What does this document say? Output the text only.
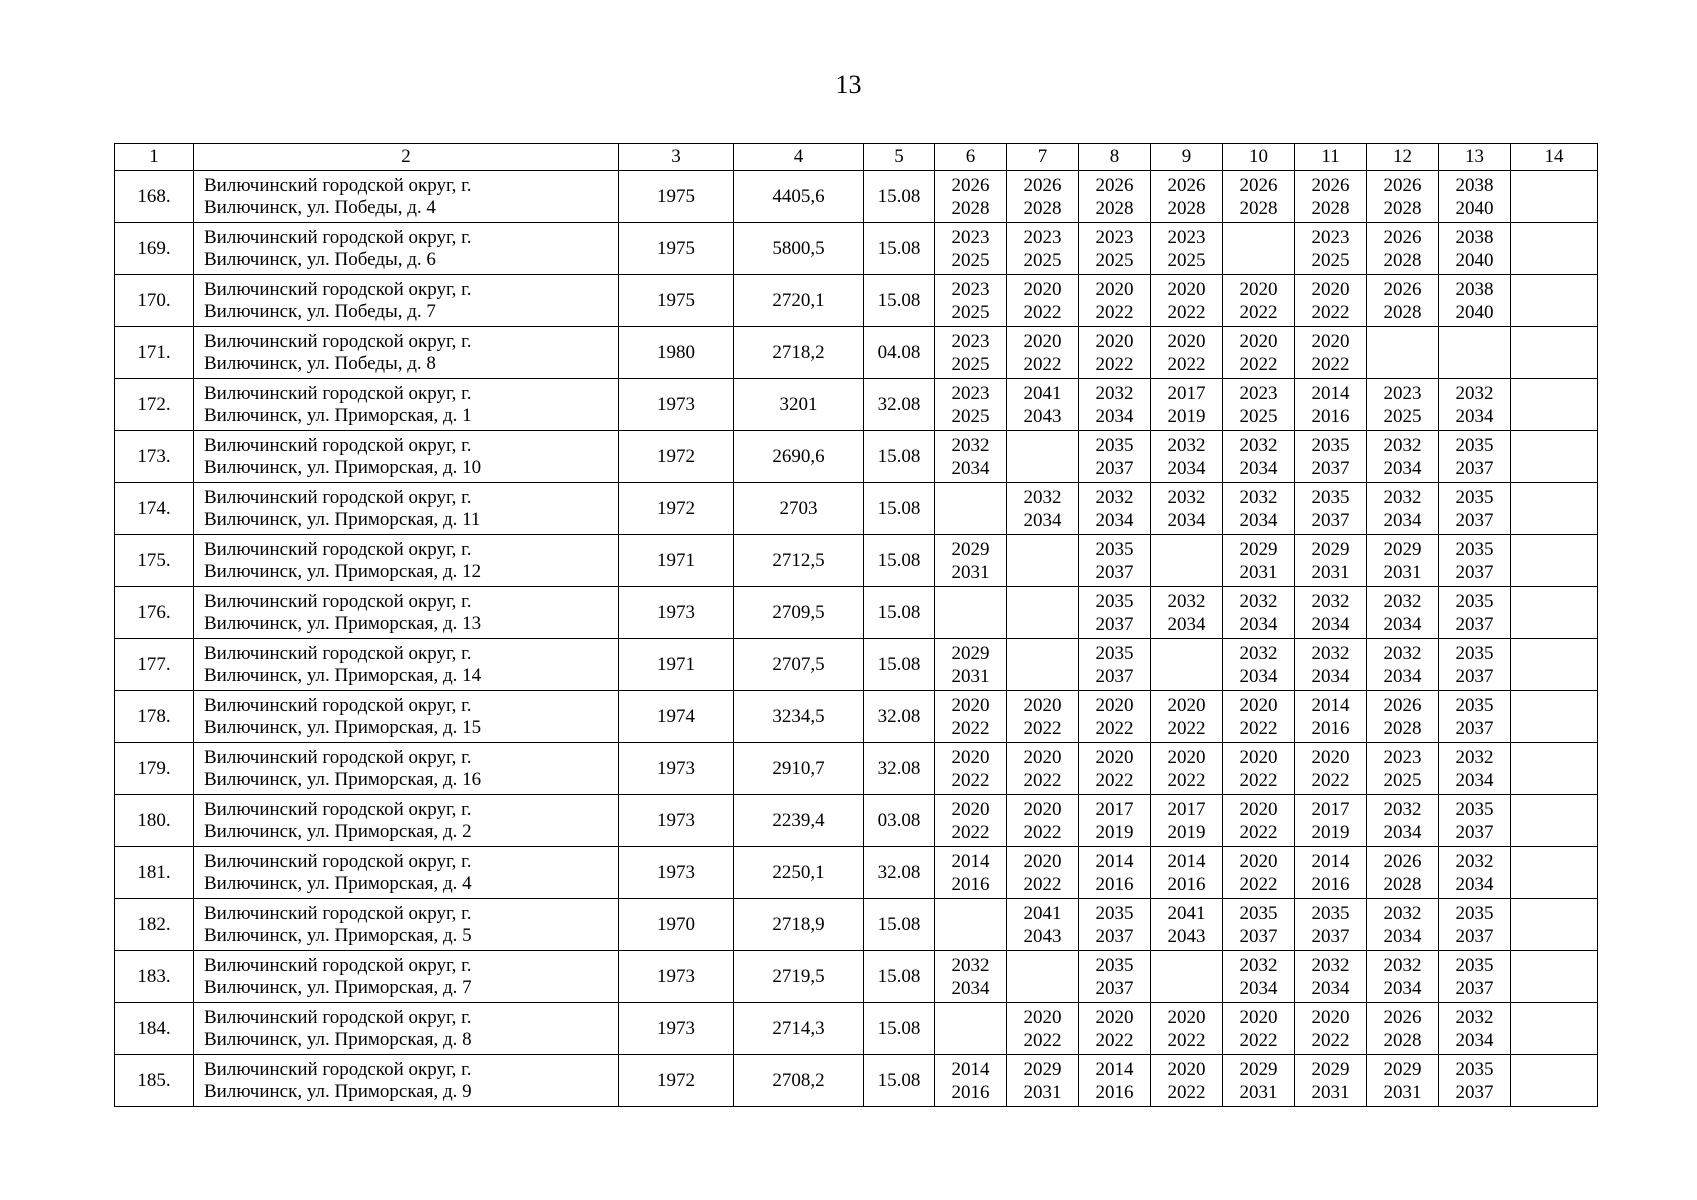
13
1	2	3	4	5	6	7	8	9	10	11	12	13	14
168.	Вилючинский городской округ, г.
Вилючинск, ул. Победы, д. 4	1975	4405,6	15.08	2026
2028	2026
2028	2026
2028	2026
2028	2026
2028	2026
2028	2026
2028	2038
2040	

169.	Вилючинский городской округ, г.
Вилючинск, ул. Победы, д. 6	1975	5800,5	15.08	2023
2025	2023
2025	2023
2025	2023
2025		2023
2025	2026
2028	2038
2040	

170.	Вилючинский городской округ, г.
Вилючинск, ул. Победы, д. 7	1975	2720,1	15.08	2023
2025	2020
2022	2020
2022	2020
2022	2020
2022	2020
2022	2026
2028	2038
2040	

171.	Вилючинский городской округ, г.
Вилючинск, ул. Победы, д. 8	1980	2718,2	04.08	2023
2025	2020
2022	2020
2022	2020
2022	2020
2022	2020
2022			

172.	Вилючинский городской округ, г.
Вилючинск, ул. Приморская, д. 1	1973	3201	32.08	2023
2025	2041
2043	2032
2034	2017
2019	2023
2025	2014
2016	2023
2025	2032
2034	

173.	Вилючинский городской округ, г.
Вилючинск, ул. Приморская, д. 10	1972	2690,6	15.08	2032
2034		2035
2037	2032
2034	2032
2034	2035
2037	2032
2034	2035
2037	

174.	Вилючинский городской округ, г.
Вилючинск, ул. Приморская, д. 11	1972	2703	15.08		2032
2034	2032
2034	2032
2034	2032
2034	2035
2037	2032
2034	2035
2037	

175.	Вилючинский городской округ, г.
Вилючинск, ул. Приморская, д. 12	1971	2712,5	15.08	2029
2031		2035
2037		2029
2031	2029
2031	2029
2031	2035
2037	

176.	Вилючинский городской округ, г.
Вилючинск, ул. Приморская, д. 13	1973	2709,5	15.08			2035
2037	2032
2034	2032
2034	2032
2034	2032
2034	2035
2037	

177.	Вилючинский городской округ, г.
Вилючинск, ул. Приморская, д. 14	1971	2707,5	15.08	2029
2031		2035
2037		2032
2034	2032
2034	2032
2034	2035
2037	

178.	Вилючинский городской округ, г.
Вилючинск, ул. Приморская, д. 15	1974	3234,5	32.08	2020
2022	2020
2022	2020
2022	2020
2022	2020
2022	2014
2016	2026
2028	2035
2037	

179.	Вилючинский городской округ, г.
Вилючинск, ул. Приморская, д. 16	1973	2910,7	32.08	2020
2022	2020
2022	2020
2022	2020
2022	2020
2022	2020
2022	2023
2025	2032
2034	

180.	Вилючинский городской округ, г.
Вилючинск, ул. Приморская, д. 2	1973	2239,4	03.08	2020
2022	2020
2022	2017
2019	2017
2019	2020
2022	2017
2019	2032
2034	2035
2037	

181.	Вилючинский городской округ, г.
Вилючинск, ул. Приморская, д. 4	1973	2250,1	32.08	2014
2016	2020
2022	2014
2016	2014
2016	2020
2022	2014
2016	2026
2028	2032
2034	

182.	Вилючинский городской округ, г.
Вилючинск, ул. Приморская, д. 5	1970	2718,9	15.08		2041
2043	2035
2037	2041
2043	2035
2037	2035
2037	2032
2034	2035
2037	

183.	Вилючинский городской округ, г.
Вилючинск, ул. Приморская, д. 7	1973	2719,5	15.08	2032
2034		2035
2037		2032
2034	2032
2034	2032
2034	2035
2037	

184.	Вилючинский городской округ, г.
Вилючинск, ул. Приморская, д. 8	1973	2714,3	15.08		2020
2022	2020
2022	2020
2022	2020
2022	2020
2022	2026
2028	2032
2034	

185.	Вилючинский городской округ, г.
Вилючинск, ул. Приморская, д. 9	1972	2708,2	15.08	2014
2016	2029
2031	2014
2016	2020
2022	2029
2031	2029
2031	2029
2031	2035
2037	
